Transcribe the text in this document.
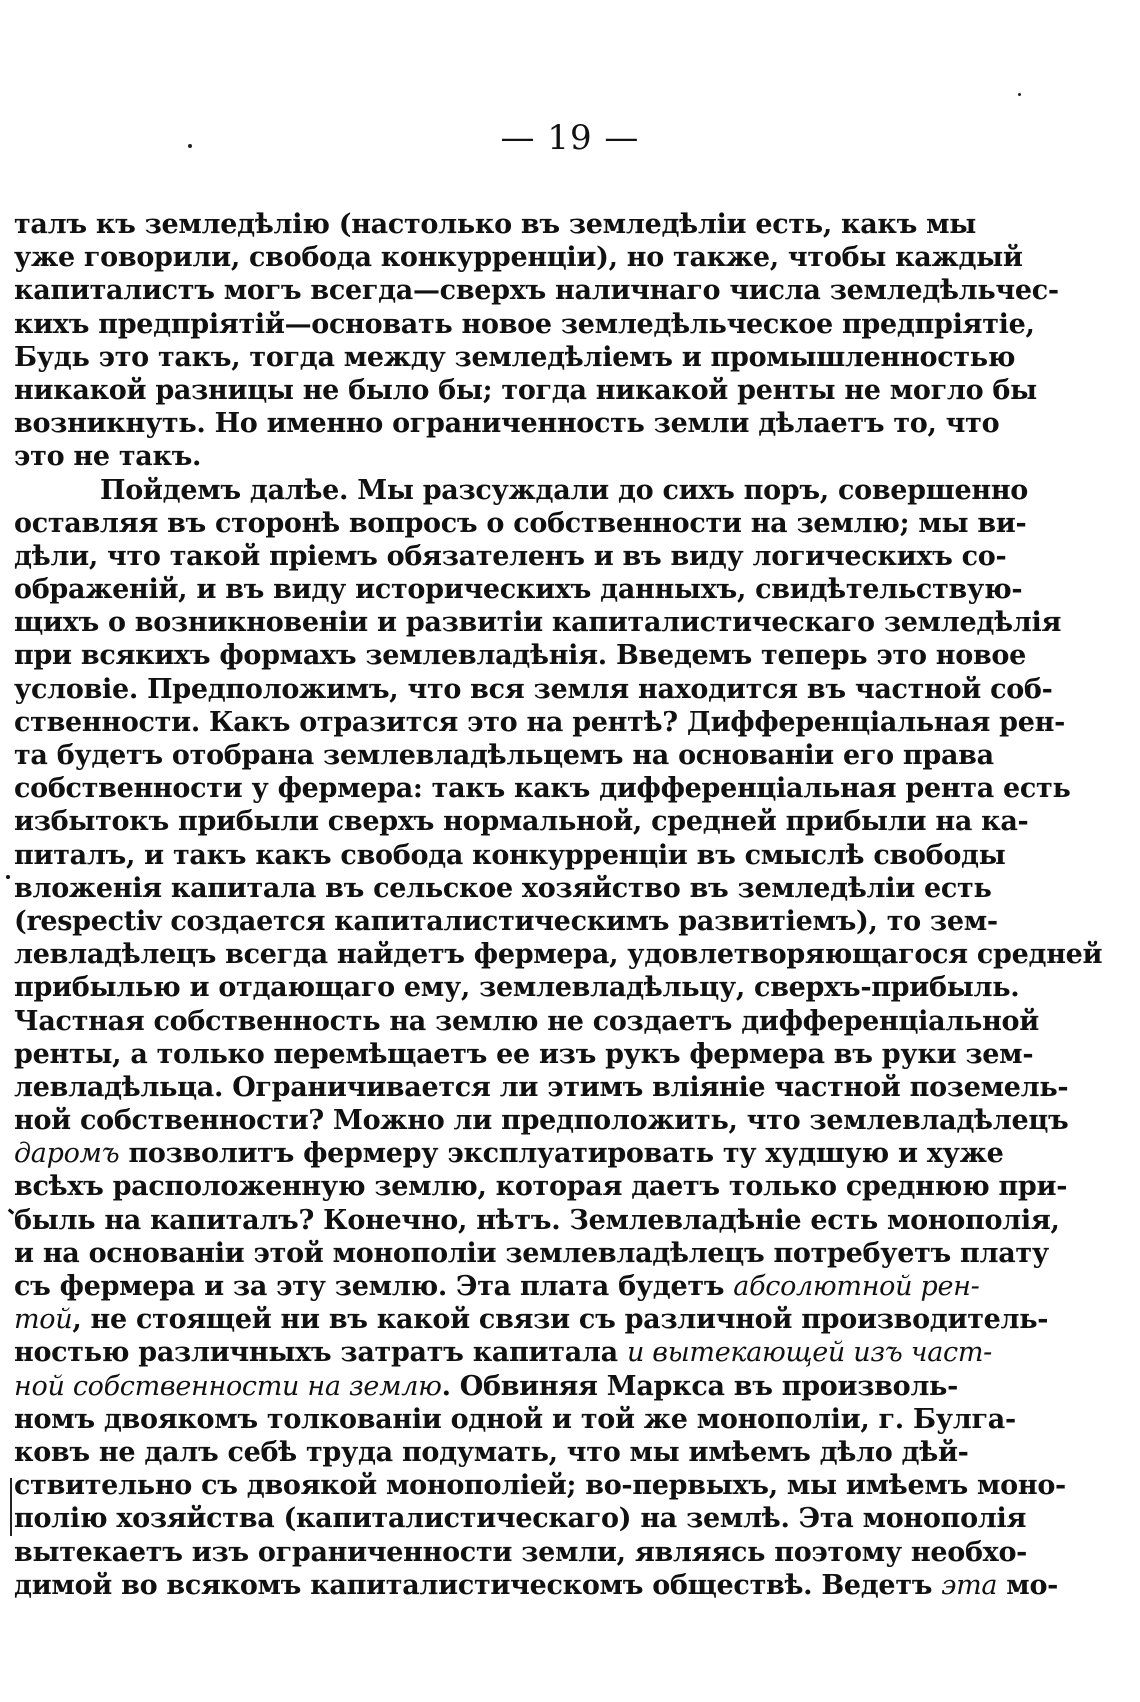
— 19 —
талъ къ земледѣлію (настолько въ земледѣліи есть, какъ мы
уже говорили, свобода конкурренціи), но также, чтобы каждый
капиталистъ могъ всегда—сверхъ наличнаго числа земледѣльчес-
кихъ предпріятій—основать новое земледѣльческое предпріятіе,
Будь это такъ, тогда между земледѣліемъ и промышленностью
никакой разницы не было бы; тогда никакой ренты не могло бы
возникнуть. Но именно ограниченность земли дѣлаетъ то, что
это не такъ.
Пойдемъ далѣе. Мы разсуждали до сихъ поръ, совершенно
оставляя въ сторонѣ вопросъ о собственности на землю; мы ви-
дѣли, что такой пріемъ обязателенъ и въ виду логическихъ со-
ображеній, и въ виду историческихъ данныхъ, свидѣтельствую-
щихъ о возникновеніи и развитіи капиталистическаго земледѣлія
при всякихъ формахъ землевладѣнія. Введемъ теперь это новое
условіе. Предположимъ, что вся земля находится въ частной соб-
ственности. Какъ отразится это на рентѣ? Дифференціальная рен-
та будетъ отобрана землевладѣльцемъ на основаніи его права
собственности у фермера: такъ какъ дифференціальная рента есть
избытокъ прибыли сверхъ нормальной, средней прибыли на ка-
питалъ, и такъ какъ свобода конкурренціи въ смыслѣ свободы
вложенія капитала въ сельское хозяйство въ земледѣліи есть
(respectiv создается капиталистическимъ развитіемъ), то зем-
левладѣлецъ всегда найдетъ фермера, удовлетворяющагося средней
прибылью и отдающаго ему, землевладѣльцу, сверхъ-прибыль.
Частная собственность на землю не создаетъ дифференціальной
ренты, а только перемѣщаетъ ее изъ рукъ фермера въ руки зем-
левладѣльца. Ограничивается ли этимъ вліяніе частной поземель-
ной собственности? Можно ли предположить, что землевладѣлецъ
даромъ позволитъ фермеру эксплуатировать ту худшую и хуже
всѣхъ расположенную землю, которая даетъ только среднюю при-
быль на капиталъ? Конечно, нѣтъ. Землевладѣніе есть монополія,
и на основаніи этой монополіи землевладѣлецъ потребуетъ плату
съ фермера и за эту землю. Эта плата будетъ абсолютной рен-
той, не стоящей ни въ какой связи съ различной производитель-
ностью различныхъ затратъ капитала и вытекающей изъ част-
ной собственности на землю. Обвиняя Маркса въ произволь-
номъ двоякомъ толкованіи одной и той же монополіи, г. Булга-
ковъ не далъ себѣ труда подумать, что мы имѣемъ дѣло дѣй-
ствительно съ двоякой монополіей; во-первыхъ, мы имѣемъ моно-
полію хозяйства (капиталистическаго) на землѣ. Эта монополія
вытекаетъ изъ ограниченности земли, являясь поэтому необхо-
димой во всякомъ капиталистическомъ обществѣ. Ведетъ эта мо-
